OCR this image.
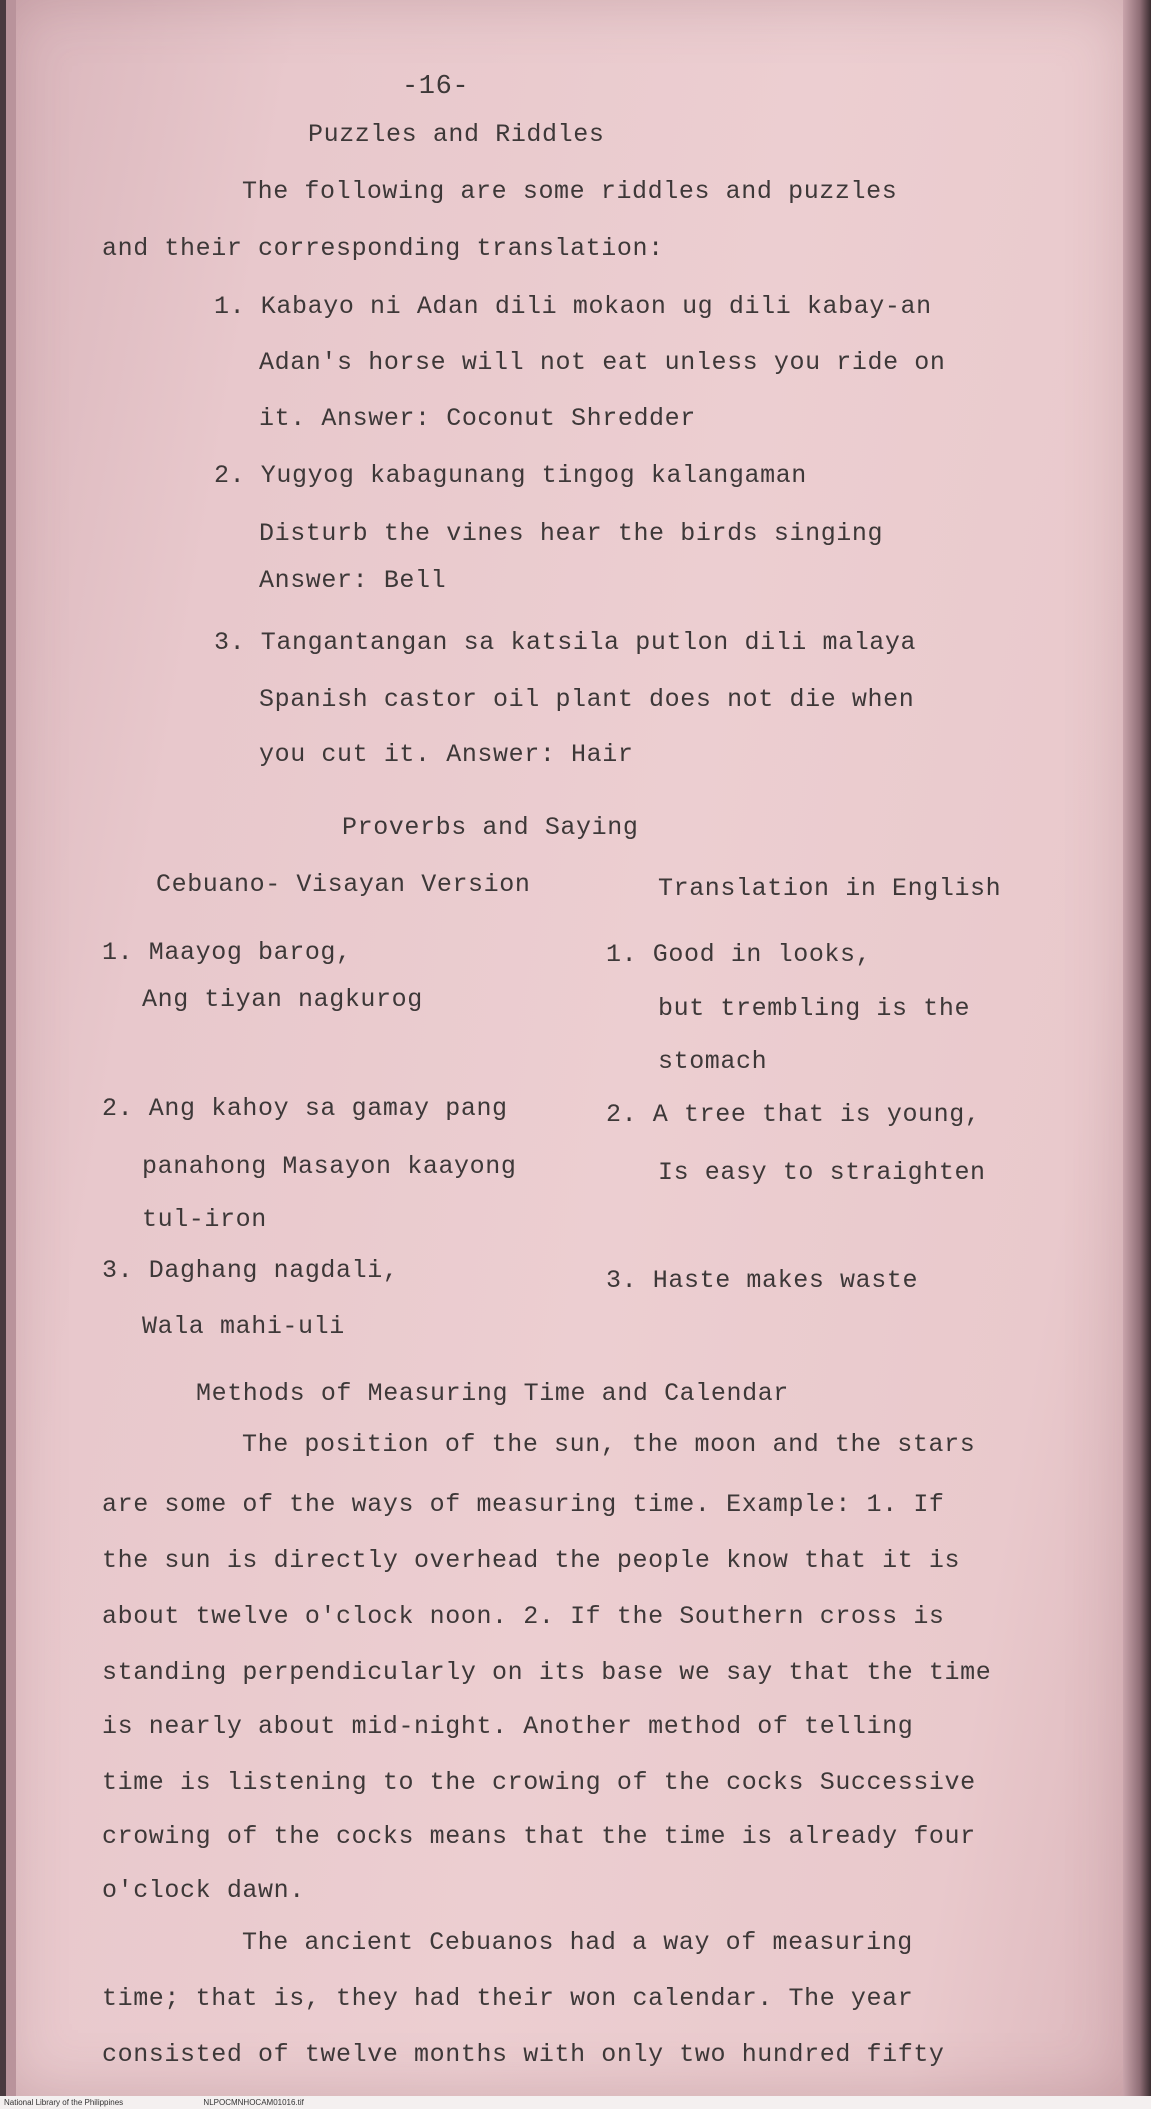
-16-
Puzzles and Riddles
The following are some riddles and puzzles
and their corresponding translation:
1. Kabayo ni Adan dili mokaon ug dili kabay-an
Adan's horse will not eat unless you ride on
it. Answer: Coconut Shredder
2. Yugyog kabagunang tingog kalangaman
Disturb the vines hear the birds singing
Answer: Bell
3. Tangantangan sa katsila putlon dili malaya
Spanish castor oil plant does not die when
you cut it. Answer: Hair
Proverbs and Saying
Cebuano- Visayan Version	Translation in English
1. Maayog barog,
Ang tiyan nagkurog
2. Ang kahoy sa gamay pang
panahong Masayon kaayong
tul-iron
3. Daghang nagdali,
Wala mahi-uli
1. Good in looks,
but trembling is the
stomach
2. A tree that is young,
Is easy to straighten
3. Haste makes waste
Methods of Measuring Time and Calendar
The position of the sun, the moon and the stars
are some of the ways of measuring time. Example: 1. If
the sun is directly overhead the people know that it is
about twelve o'clock noon. 2. If the Southern cross is
standing perpendicularly on its base we say that the time
is nearly about mid-night. Another method of telling
time is listening to the crowing of the cocks Successive
crowing of the cocks means that the time is already four
o'clock dawn.
The ancient Cebuanos had a way of measuring
time; that is, they had their won calendar. The year
consisted of twelve months with only two hundred fifty
National Library of the Philippines	NLPOCMNHOCAM01016.tif
